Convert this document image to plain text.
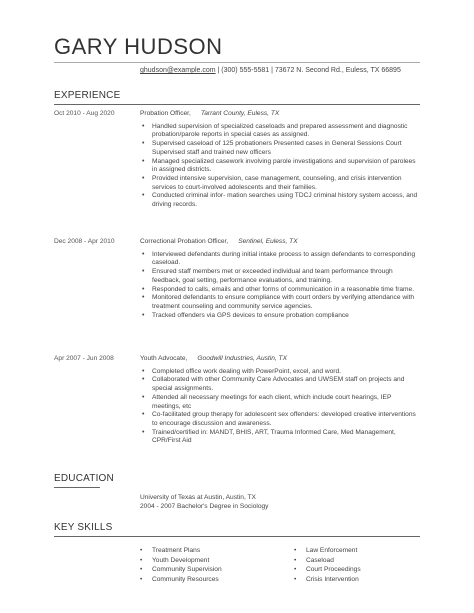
GARY HUDSON
ghudson@example.com | (300) 555-5581 | 73672 N. Second Rd., Euless, TX 66895
EXPERIENCE
Oct 2010 - Aug 2020	Probation Officer, Tarrant County, Euless, TX
• Handled supervision of specialized caseloads and prepared assessment and diagnostic probation/parole reports in special cases as assigned.
• Supervised caseload of 125 probationers Presented cases in General Sessions Court Supervised staff and trained new officers
• Managed specialized casework involving parole investigations and supervision of parolees in assigned districts.
• Provided intensive supervision, case management, counseling, and crisis intervention services to court-involved adolescents and their families.
• Conducted criminal infor- mation searches using TDCJ criminal history system access, and driving records.
Dec 2008 - Apr 2010	Correctional Probation Officer, Sentinel, Euless, TX
• Interviewed defendants during initial intake process to assign defendants to corresponding caseload.
• Ensured staff members met or exceeded individual and team performance through feedback, goal setting, performance evaluations, and training.
• Responded to calls, emails and other forms of communication in a reasonable time frame.
• Monitored defendants to ensure compliance with court orders by verifying attendance with treatment counseling and community service agencies.
• Tracked offenders via GPS devices to ensure probation compliance
Apr 2007 - Jun 2008	Youth Advocate, Goodwill Industries, Austin, TX
• Completed office work dealing with PowerPoint, excel, and word.
• Collaborated with other Community Care Advocates and UWSEM staff on projects and special assignments.
• Attended all necessary meetings for each client, which include court hearings, IEP meetings, etc
• Co-facilitated group therapy for adolescent sex offenders: developed creative interventions to encourage discussion and awareness.
• Trained/certified in: MANDT, BHIS, ART, Trauma Informed Care, Med Management, CPR/First Aid
EDUCATION
University of Texas at Austin, Austin, TX
2004 - 2007 Bachelor's Degree in Sociology
KEY SKILLS
• Treatment Plans
• Youth Development
• Community Supervision
• Community Resources
• Law Enforcement
• Caseload
• Court Proceedings
• Crisis Intervention
